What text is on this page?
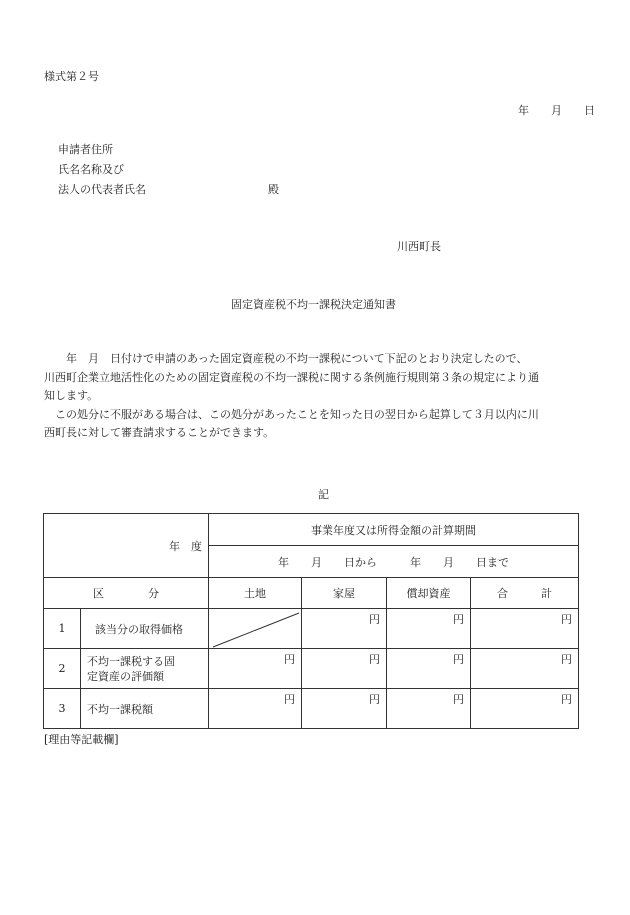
様式第２号
年　　月　　日
申請者住所
氏名名称及び
法人の代表者氏名	殿
川西町長
固定資産税不均一課税決定通知書
　　年　月　日付けで申請のあった固定資産税の不均一課税について下記のとおり決定したので、
川西町企業立地活性化のための固定資産税の不均一課税に関する条例施行規則第３条の規定により通
知します。
この処分に不服がある場合は、この処分があったことを知った日の翌日から起算して３月以内に川
西町長に対して審査請求することができます。
記
年　度		事業年度又は所得金額の計算期間			
		年　　月　　日から　　　年　　月　　日まで			
区　　　　分		土地	家屋	償却資産	合　　　計
1	該当分の取得価格		円	円	円
2	不均一課税する固
定資産の評価額	円	円	円	円
3	不均一課税額	円	円	円	円
[理由等記載欄]
